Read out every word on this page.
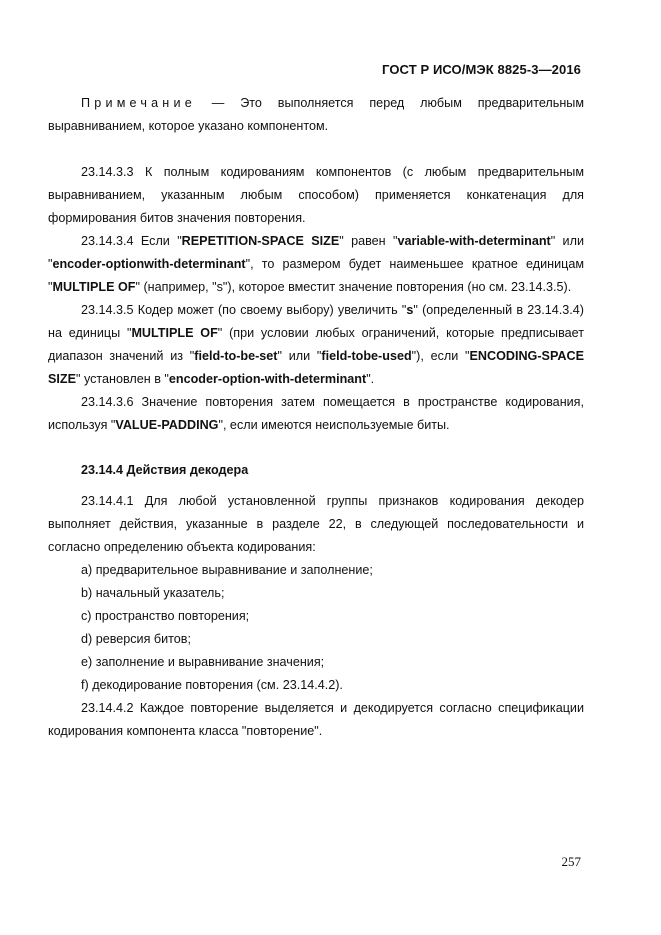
ГОСТ Р ИСО/МЭК 8825-3—2016

Примечание — Это выполняется перед любым предварительным выравниванием, которое указано компонентом.

23.14.3.3 К полным кодированиям компонентов (с любым предварительным выравниванием, указанным любым способом) применяется конкатенация для формирования битов значения повторения.

23.14.3.4 Если "REPETITION-SPACE SIZE" равен "variable-with-determinant" или "encoder-optionwith-determinant", то размером будет наименьшее кратное единицам "MULTIPLE OF" (например, "s"), которое вместит значение повторения (но см. 23.14.3.5).

23.14.3.5 Кодер может (по своему выбору) увеличить "s" (определенный в 23.14.3.4) на единицы "MULTIPLE OF" (при условии любых ограничений, которые предписывает диапазон значений из "field-to-be-set" или "field-tobe-used"), если "ENCODING-SPACE SIZE" установлен в "encoder-option-with-determinant".

23.14.3.6 Значение повторения затем помещается в пространстве кодирования, используя "VALUE-PADDING", если имеются неиспользуемые биты.

23.14.4 Действия декодера

23.14.4.1 Для любой установленной группы признаков кодирования декодер выполняет действия, указанные в разделе 22, в следующей последовательности и согласно определению объекта кодирования:

a) предварительное выравнивание и заполнение;

b) начальный указатель;

c) пространство повторения;

d) реверсия битов;

e) заполнение и выравнивание значения;

f) декодирование повторения (см. 23.14.4.2).

23.14.4.2 Каждое повторение выделяется и декодируется согласно спецификации кодирования компонента класса "повторение".

257
